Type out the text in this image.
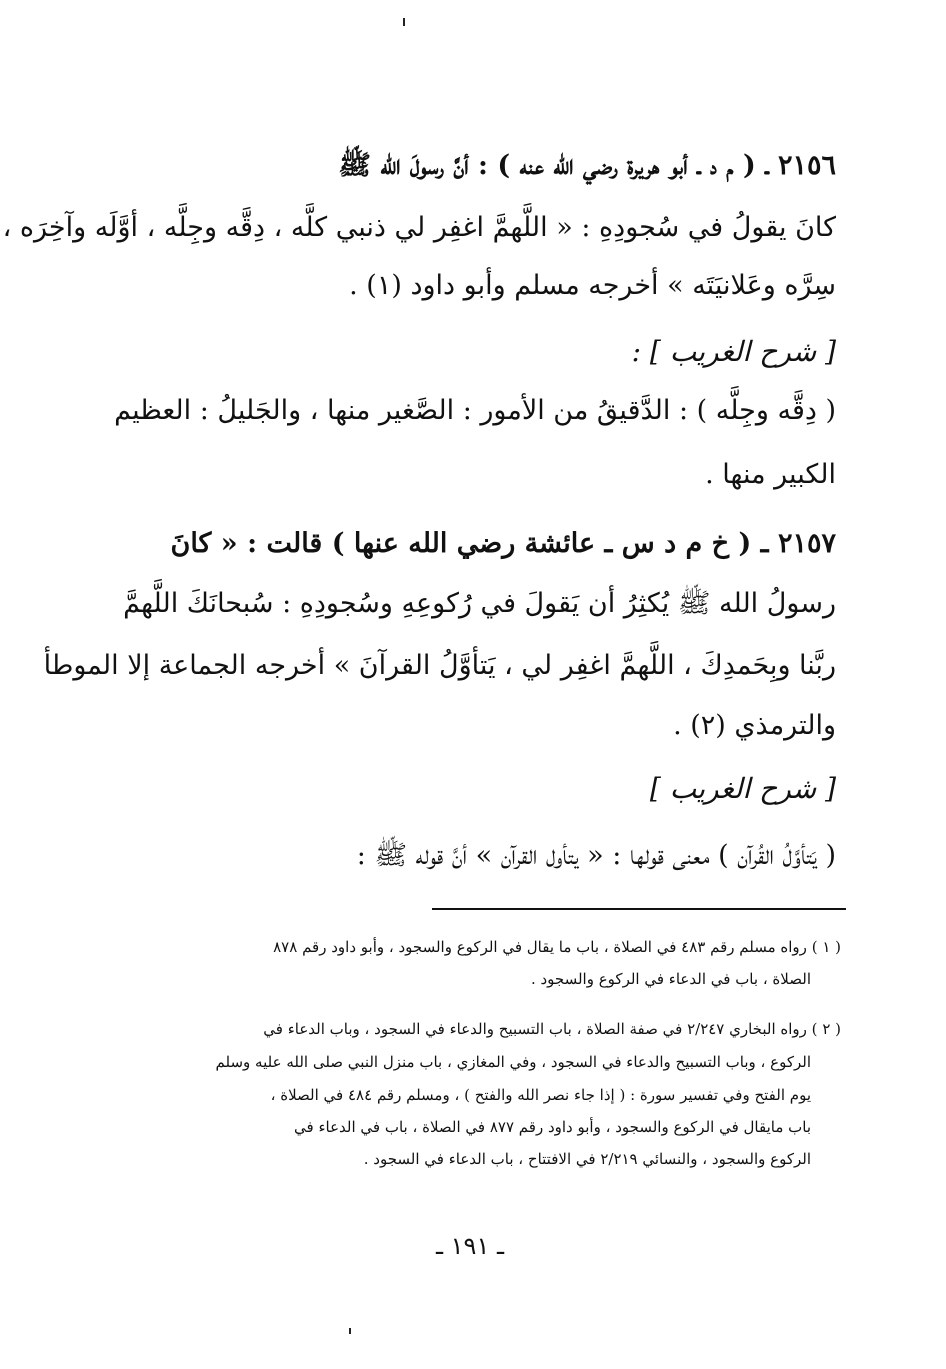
٢١٥٦ ـ ( م د ـ أبو هريرة رضي الله عنه ) : أنَّ رسولَ الله ﷺ
كانَ يقولُ في سُجودِهِ : « اللَّهمَّ اغفِر لي ذنبي كلَّه ، دِقَّه وجِلَّه ، أوَّلَه وآخِرَه ،
سِرَّه وعَلانيَتَه » أخرجه مسلم وأبو داود (١) .
[ شرح الغريب ] :
( دِقَّه وجِلَّه ) : الدَّقيقُ من الأمور : الصَّغير منها ، والجَليلُ : العظيم
الكبير منها .
٢١٥٧ ـ ( خ م د س ـ عائشة رضي الله عنها ) قالت : « كانَ
رسولُ الله ﷺ يُكثِرُ أن يَقولَ في رُكوعِهِ وسُجودِهِ : سُبحانَكَ اللَّهمَّ
ربَّنا وبِحَمدِكَ ، اللَّهمَّ اغفِر لي ، يَتأوَّلُ القرآنَ » أخرجه الجماعة إلا الموطأ
والترمذي (٢) .
[ شرح الغريب ]
( يَتأوَّلُ القُرآن ) معنى قولها : « يتأول القرآن » أنَّ قوله ﷺ :
( ١ ) رواه مسلم رقم ٤٨٣ في الصلاة ، باب ما يقال في الركوع والسجود ، وأبو داود رقم ٨٧٨
الصلاة ، باب في الدعاء في الركوع والسجود .
( ٢ ) رواه البخاري ٢/٢٤٧ في صفة الصلاة ، باب التسبيح والدعاء في السجود ، وباب الدعاء في
الركوع ، وباب التسبيح والدعاء في السجود ، وفي المغازي ، باب منزل النبي صلى الله عليه وسلم
يوم الفتح وفي تفسير سورة : ( إذا جاء نصر الله والفتح ) ، ومسلم رقم ٤٨٤ في الصلاة ،
باب مايقال في الركوع والسجود ، وأبو داود رقم ٨٧٧ في الصلاة ، باب في الدعاء في
الركوع والسجود ، والنسائي ٢/٢١٩ في الافتتاح ، باب الدعاء في السجود .
ـ ١٩١ ـ
